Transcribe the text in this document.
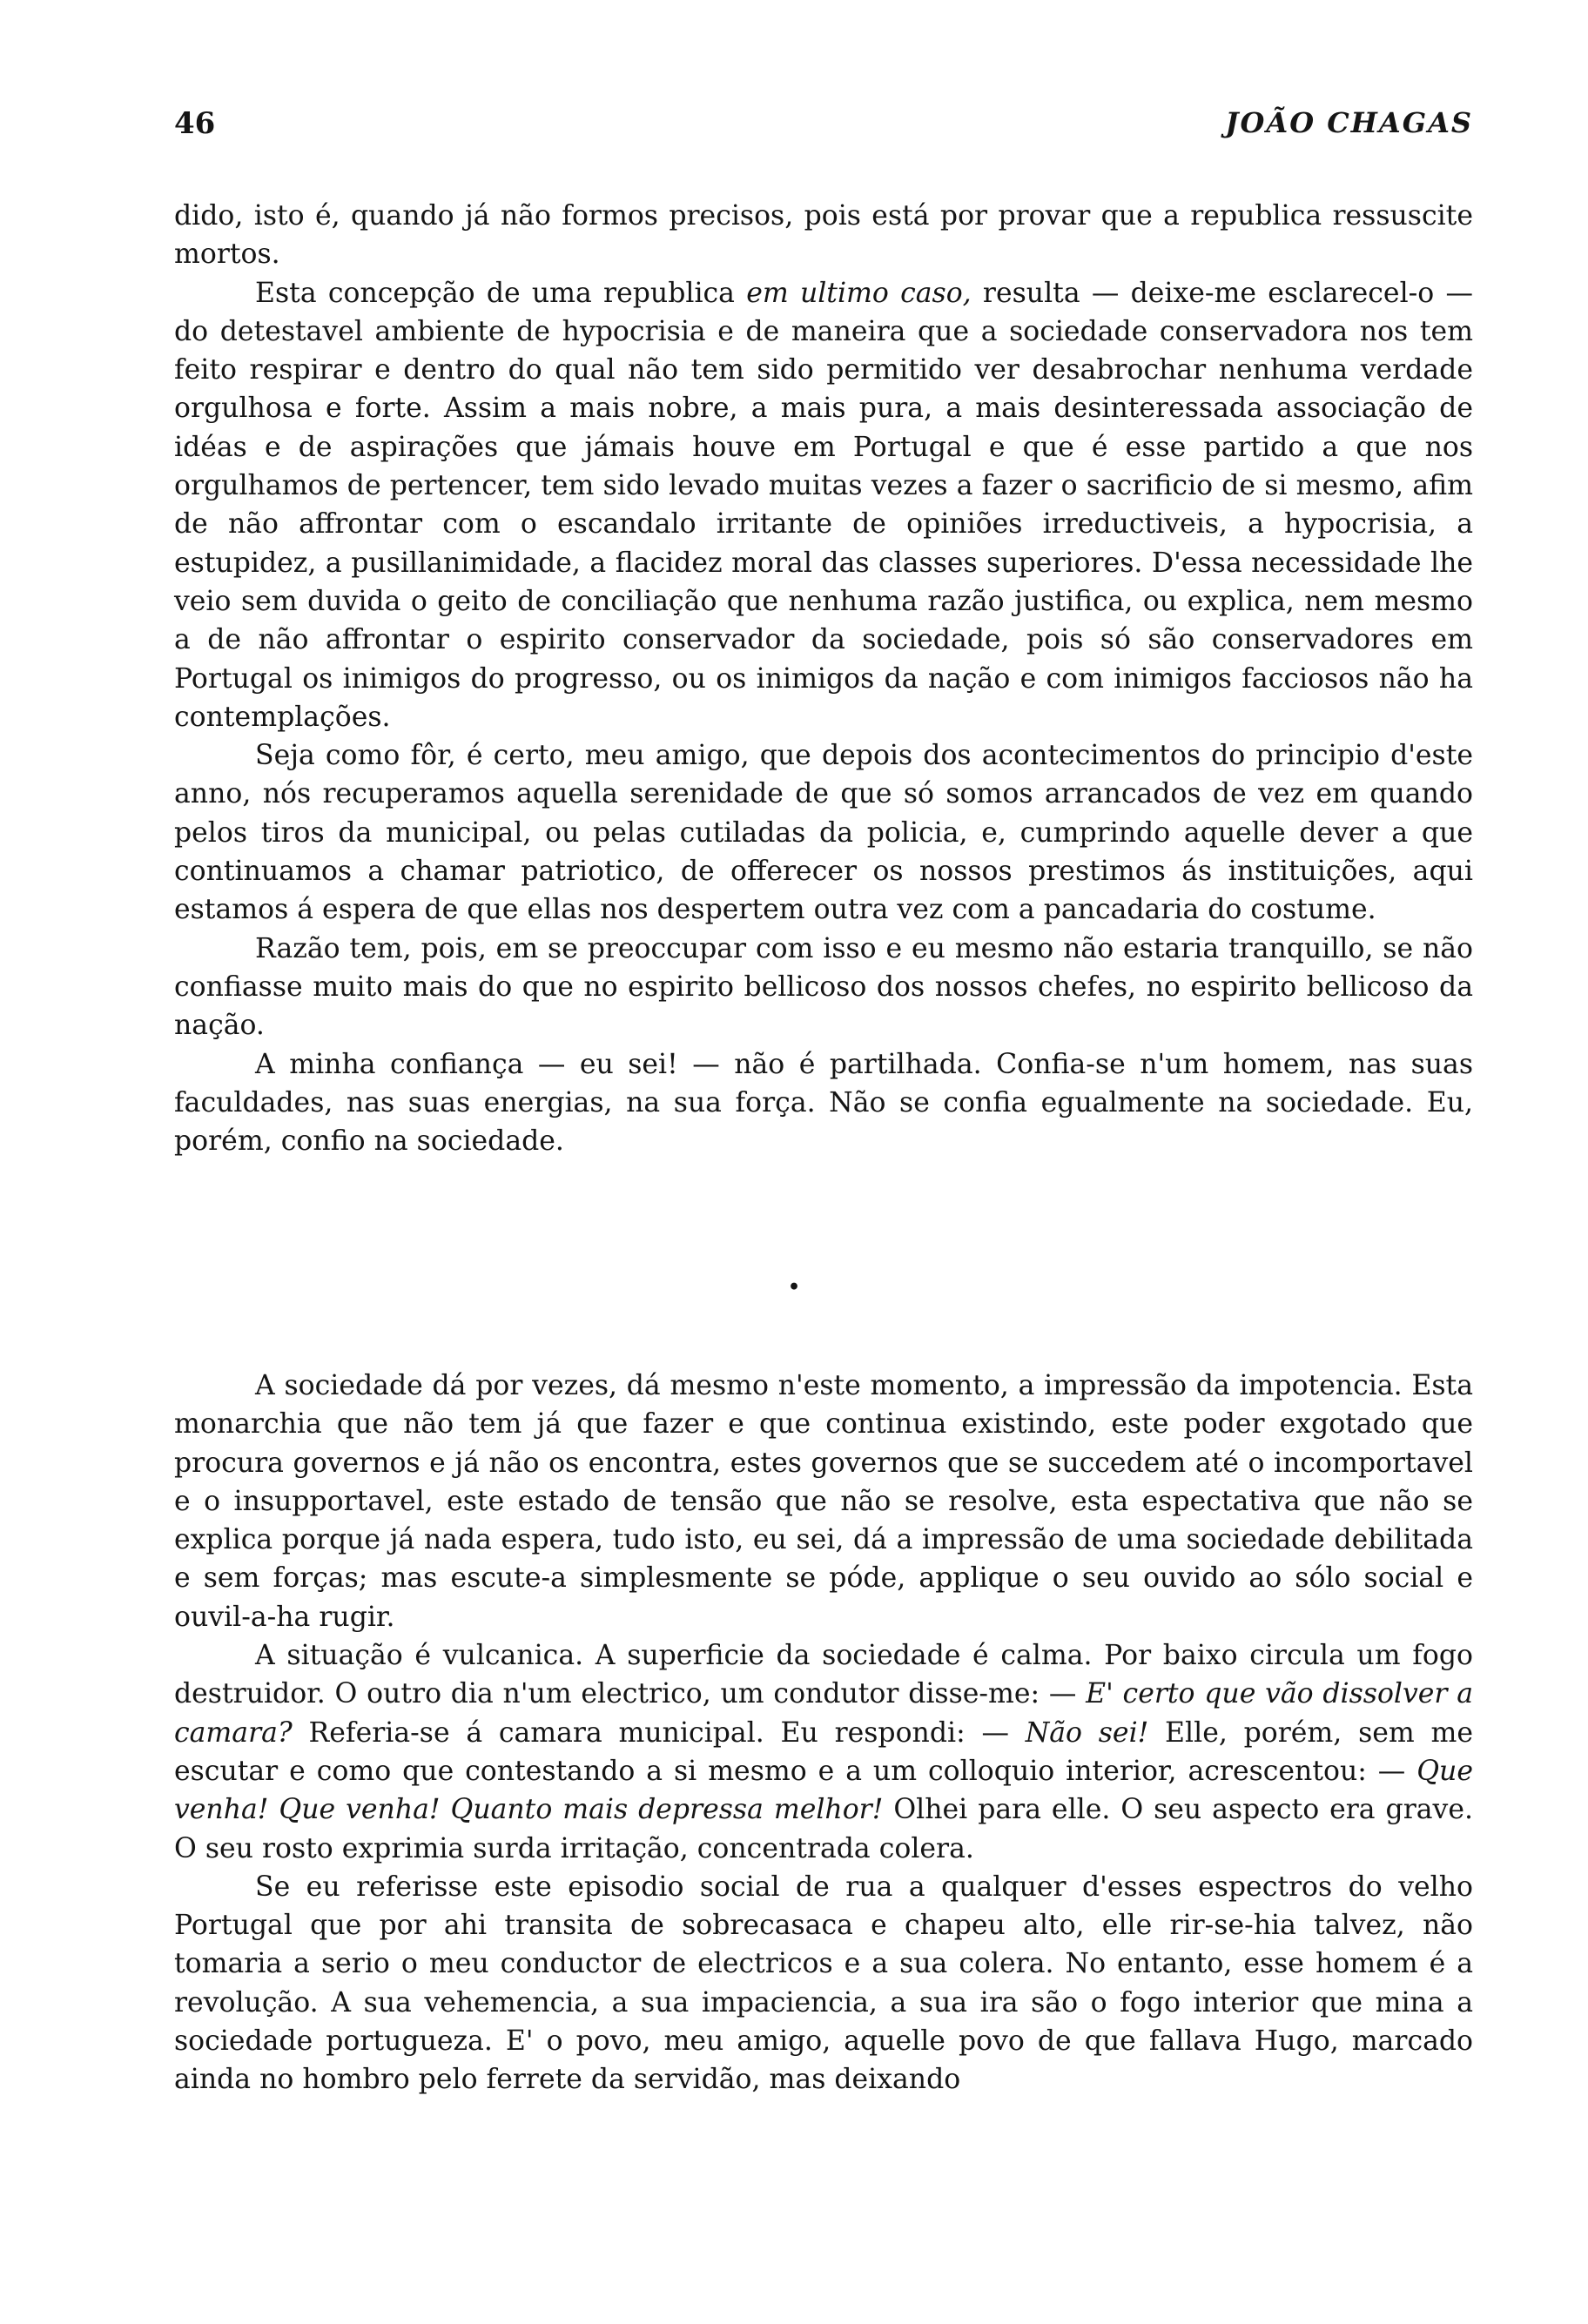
46	JOÃO CHAGAS

dido, isto é, quando já não formos precisos, pois está por provar que a republica ressuscite mortos.

Esta concepção de uma republica em ultimo caso, resulta — deixe-me esclarecel-o — do detestavel ambiente de hypocrisia e de maneira que a sociedade conservadora nos tem feito respirar e dentro do qual não tem sido permitido ver desabrochar nenhuma verdade orgulhosa e forte. Assim a mais nobre, a mais pura, a mais desinteressada associação de idéas e de aspirações que jámais houve em Portugal e que é esse partido a que nos orgulhamos de pertencer, tem sido levado muitas vezes a fazer o sacrificio de si mesmo, afim de não affrontar com o escandalo irritante de opiniões irreductiveis, a hypocrisia, a estupidez, a pusillanimidade, a flacidez moral das classes superiores. D'essa necessidade lhe veio sem duvida o geito de conciliação que nenhuma razão justifica, ou explica, nem mesmo a de não affrontar o espirito conservador da sociedade, pois só são conservadores em Portugal os inimigos do progresso, ou os inimigos da nação e com inimigos facciosos não ha contemplações.

Seja como fôr, é certo, meu amigo, que depois dos acontecimentos do principio d'este anno, nós recuperamos aquella serenidade de que só somos arrancados de vez em quando pelos tiros da municipal, ou pelas cutiladas da policia, e, cumprindo aquelle dever a que continuamos a chamar patriotico, de offerecer os nossos prestimos ás instituições, aqui estamos á espera de que ellas nos despertem outra vez com a pancadaria do costume.

Razão tem, pois, em se preoccupar com isso e eu mesmo não estaria tranquillo, se não confiasse muito mais do que no espirito bellicoso dos nossos chefes, no espirito bellicoso da nação.

A minha confiança — eu sei! — não é partilhada. Confia-se n'um homem, nas suas faculdades, nas suas energias, na sua força. Não se confia egualmente na sociedade. Eu, porém, confio na sociedade.

•

A sociedade dá por vezes, dá mesmo n'este momento, a impressão da impotencia. Esta monarchia que não tem já que fazer e que continua existindo, este poder exgotado que procura governos e já não os encontra, estes governos que se succedem até o incomportavel e o insupportavel, este estado de tensão que não se resolve, esta espectativa que não se explica porque já nada espera, tudo isto, eu sei, dá a impressão de uma sociedade debilitada e sem forças; mas escute-a simplesmente se póde, applique o seu ouvido ao sólo social e ouvil-a-ha rugir.

A situação é vulcanica. A superficie da sociedade é calma. Por baixo circula um fogo destruidor. O outro dia n'um electrico, um condutor disse-me: — E' certo que vão dissolver a camara? Referia-se á camara municipal. Eu respondi: — Não sei! Elle, porém, sem me escutar e como que contestando a si mesmo e a um colloquio interior, acrescentou: — Que venha! Que venha! Quanto mais depressa melhor! Olhei para elle. O seu aspecto era grave. O seu rosto exprimia surda irritação, concentrada colera.

Se eu referisse este episodio social de rua a qualquer d'esses espectros do velho Portugal que por ahi transita de sobrecasaca e chapeu alto, elle rir-se-hia talvez, não tomaria a serio o meu conductor de electricos e a sua colera. No entanto, esse homem é a revolução. A sua vehemencia, a sua impaciencia, a sua ira são o fogo interior que mina a sociedade portugueza. E' o povo, meu amigo, aquelle povo de que fallava Hugo, marcado ainda no hombro pelo ferrete da servidão, mas deixando
